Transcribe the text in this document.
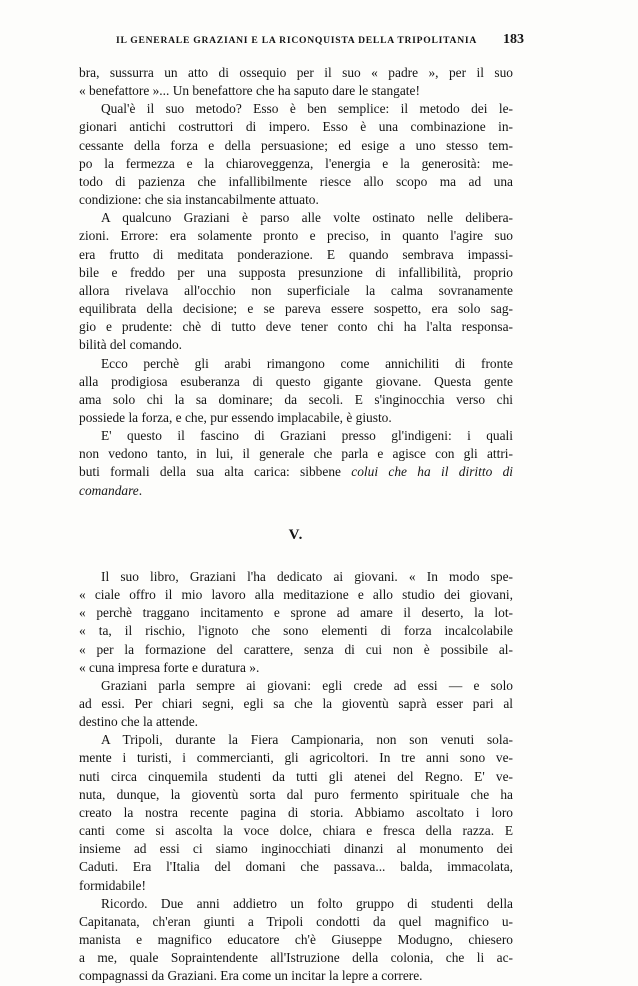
IL GENERALE GRAZIANI E LA RICONQUISTA DELLA TRIPOLITANIA 183

bra, sussurra un atto di ossequio per il suo « padre », per il suo
« benefattore »... Un benefattore che ha saputo dare le stangate!

Qual'è il suo metodo? Esso è ben semplice: il metodo dei le-
gionari antichi costruttori di impero. Esso è una combinazione in-
cessante della forza e della persuasione; ed esige a uno stesso tem-
po la fermezza e la chiaroveggenza, l'energia e la generosità: me-
todo di pazienza che infallibilmente riesce allo scopo ma ad una
condizione: che sia instancabilmente attuato.

A qualcuno Graziani è parso alle volte ostinato nelle delibera-
zioni. Errore: era solamente pronto e preciso, in quanto l'agire suo
era frutto di meditata ponderazione. E quando sembrava impassi-
bile e freddo per una supposta presunzione di infallibilità, proprio
allora rivelava all'occhio non superficiale la calma sovranamente
equilibrata della decisione; e se pareva essere sospetto, era solo sag-
gio e prudente: chè di tutto deve tener conto chi ha l'alta responsa-
bilità del comando.

Ecco perchè gli arabi rimangono come annichiliti di fronte
alla prodigiosa esuberanza di questo gigante giovane. Questa gente
ama solo chi la sa dominare; da secoli. E s'inginocchia verso chi
possiede la forza, e che, pur essendo implacabile, è giusto.

E' questo il fascino di Graziani presso gl'indigeni: i quali
non vedono tanto, in lui, il generale che parla e agisce con gli attri-
buti formali della sua alta carica: sibbene colui che ha il diritto di
comandare.

V.

Il suo libro, Graziani l'ha dedicato ai giovani. « In modo spe-
« ciale offro il mio lavoro alla meditazione e allo studio dei giovani,
« perchè traggano incitamento e sprone ad amare il deserto, la lot-
« ta, il rischio, l'ignoto che sono elementi di forza incalcolabile
« per la formazione del carattere, senza di cui non è possibile al-
« cuna impresa forte e duratura ».

Graziani parla sempre ai giovani: egli crede ad essi — e solo
ad essi. Per chiari segni, egli sa che la gioventù saprà esser pari al
destino che la attende.

A Tripoli, durante la Fiera Campionaria, non son venuti sola-
mente i turisti, i commercianti, gli agricoltori. In tre anni sono ve-
nuti circa cinquemila studenti da tutti gli atenei del Regno. E' ve-
nuta, dunque, la gioventù sorta dal puro fermento spirituale che ha
creato la nostra recente pagina di storia. Abbiamo ascoltato i loro
canti come si ascolta la voce dolce, chiara e fresca della razza. E
insieme ad essi ci siamo inginocchiati dinanzi al monumento dei
Caduti. Era l'Italia del domani che passava... balda, immacolata,
formidabile!

Ricordo. Due anni addietro un folto gruppo di studenti della
Capitanata, ch'eran giunti a Tripoli condotti da quel magnifico u-
manista e magnifico educatore ch'è Giuseppe Modugno, chiesero
a me, quale Sopraintendente all'Istruzione della colonia, che li ac-
compagnassi da Graziani. Era come un incitar la lepre a correre.
